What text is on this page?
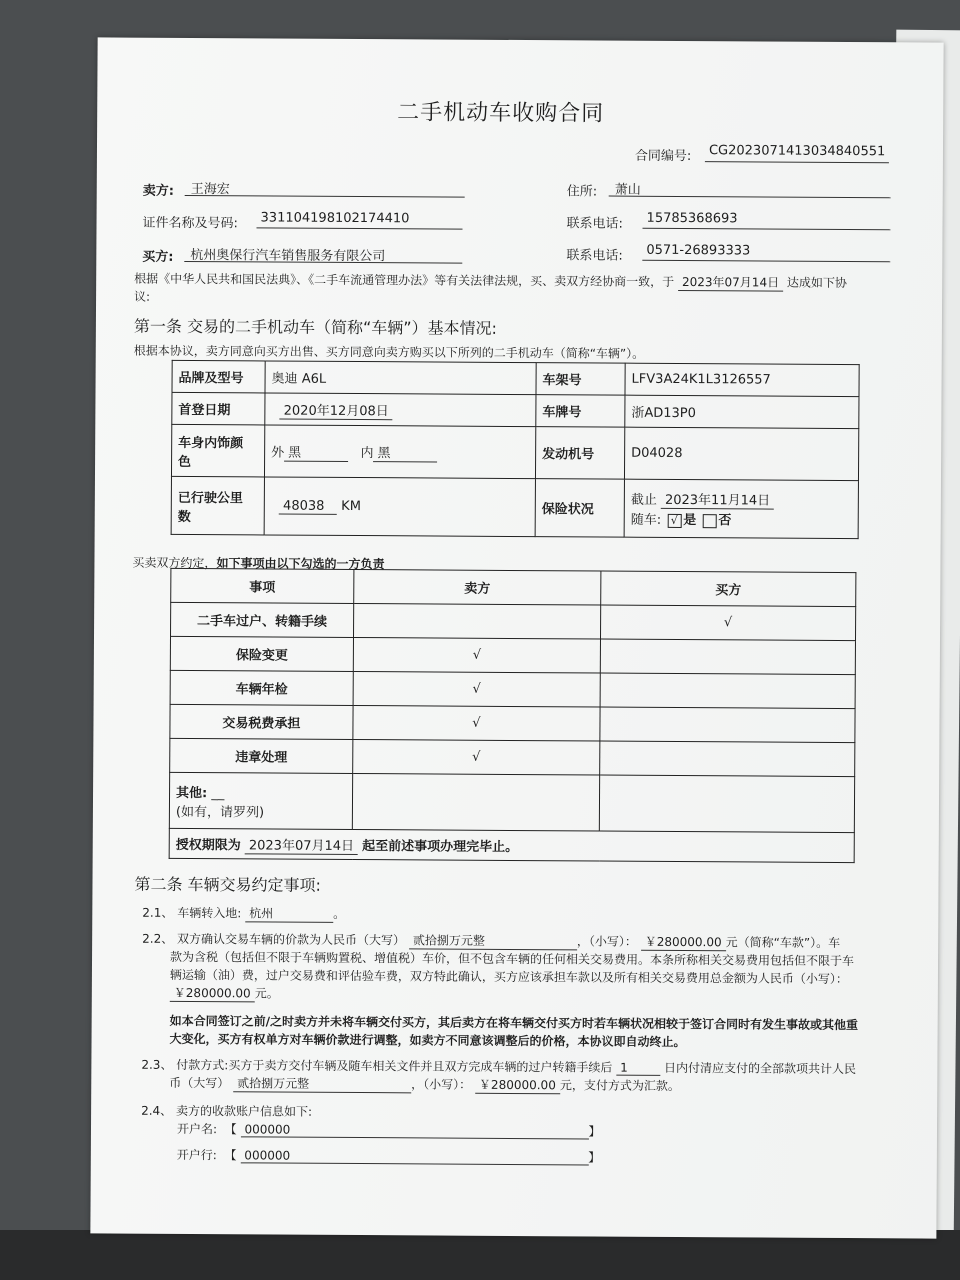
二手机动车收购合同
合同编号: CG2023071413034840551
卖方: 王海宏	住所: 萧山
证件名称及号码: 331104198102174410	联系电话: 15785368693
买方: 杭州奥保行汽车销售服务有限公司	联系电话: 0571-26893333
根据《中华人民共和国民法典》、《二手车流通管理办法》等有关法律法规，买、卖双方经协商一致，于 2023年07月14日 达成如下协
议:
第一条 交易的二手机动车（简称“车辆”）基本情况:
根据本协议，卖方同意向买方出售、买方同意向卖方购买以下所列的二手机动车（简称“车辆”）。
品牌及型号	奥迪 A6L	车架号	LFV3A24K1L3126557
首登日期	2020年12月08日	车牌号	浙AD13P0
车身内饰颜
色	外 黑 内 黑	发动机号	D04028
已行驶公里
数	48038 KM	保险状况	截止 2023年11月14日
随车: √ 是 否
买卖双方约定，如下事项由以下勾选的一方负责
事项	卖方	买方
二手车过户、转籍手续		√
保险变更	√	
车辆年检	√	
交易税费承担	√	
违章处理	√	
其他: __
(如有，请罗列)		
授权期限为 2023年07月14日 起至前述事项办理完毕止。		
第二条 车辆交易约定事项:
2.1、 车辆转入地: 杭州	。
2.2、 双方确认交易车辆的价款为人民币（大写） 贰拾捌万元整	，（小写）： ￥280000.00 元（简称“车款”）。车
款为含税（包括但不限于车辆购置税、增值税）车价，但不包含车辆的任何相关交易费用。本条所称相关交易费用包括但不限于车
辆运输（油）费，过户交易费和评估验车费，双方特此确认，买方应该承担车款以及所有相关交易费用总金额为人民币（小写）：
￥280000.00 元。
如本合同签订之前/之时卖方并未将车辆交付买方，其后卖方在将车辆交付买方时若车辆状况相较于签订合同时有发生事故或其他重
大变化，买方有权单方对车辆价款进行调整，如卖方不同意该调整后的价格，本协议即自动终止。
2.3、 付款方式:买方于卖方交付车辆及随车相关文件并且双方完成车辆的过户转籍手续后 1	日内付清应支付的全部款项共计人民
币（大写） 贰拾捌万元整	，（小写）： ￥280000.00 元，支付方式为汇款。
2.4、 卖方的收款账户信息如下:
开户名:  【 000000	】
开户行:  【 000000	】
